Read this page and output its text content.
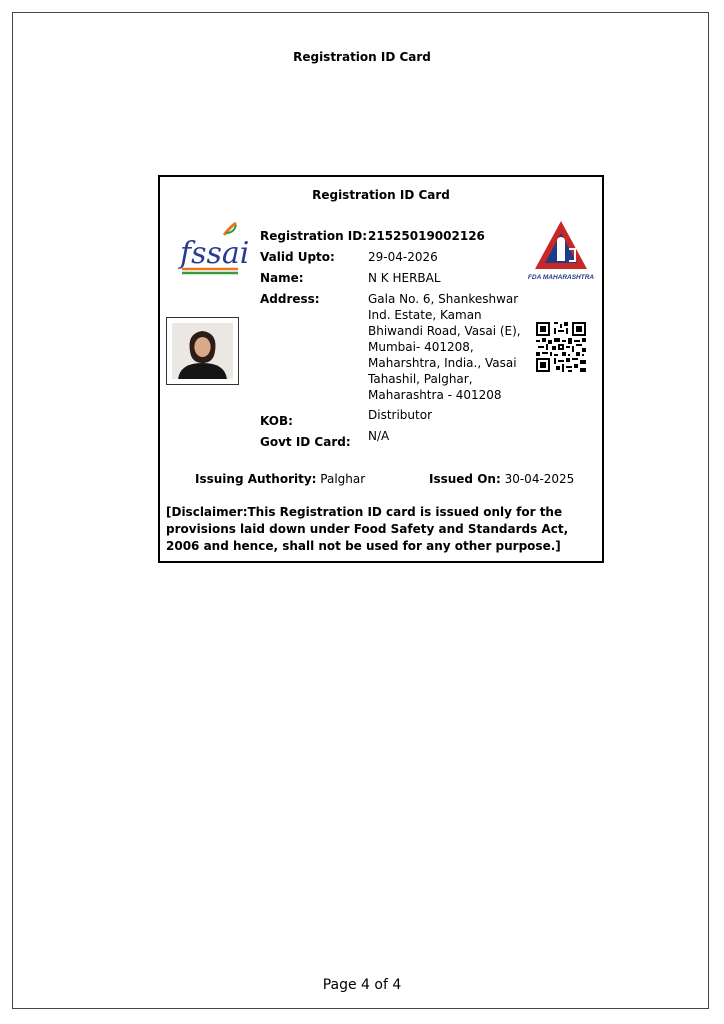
Registration ID Card
Registration ID Card
fssai
FDA MAHARASHTRA
Registration ID: 21525019002126
Valid Upto:	29-04-2026
Name:	N K HERBAL
Address:	Gala No. 6, Shankeshwar Ind. Estate, Kaman Bhiwandi Road, Vasai (E), Mumbai- 401208, Maharshtra, India., Vasai Tahashil, Palghar, Maharashtra - 401208
KOB:	Distributor
Govt ID Card: N/A
Issuing Authority: Palghar	Issued On: 30-04-2025
[Disclaimer:This Registration ID card is issued only for the provisions laid down under Food Safety and Standards Act, 2006 and hence, shall not be used for any other purpose.]
Page 4 of 4
